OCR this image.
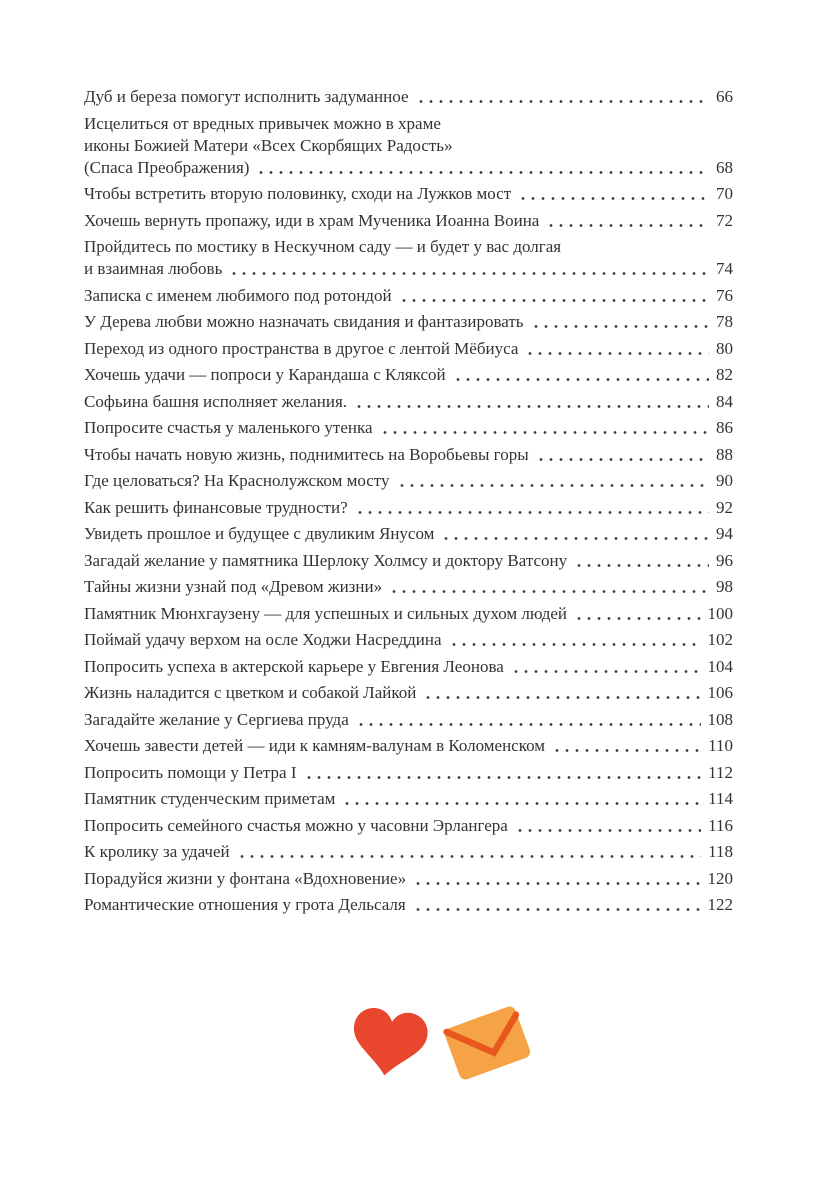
Дуб и береза помогут исполнить задуманное	66
Исцелиться от вредных привычек можно в храме
иконы Божией Матери «Всех Скорбящих Радость»
(Спаса Преображения)	68
Чтобы встретить вторую половинку, сходи на Лужков мост	70
Хочешь вернуть пропажу, иди в храм Мученика Иоанна Воина	72
Пройдитесь по мостику в Нескучном саду — и будет у вас долгая
и взаимная любовь	74
Записка с именем любимого под ротондой	76
У Дерева любви можно назначать свидания и фантазировать	78
Переход из одного пространства в другое с лентой Мёбиуса	80
Хочешь удачи — попроси у Карандаша с Кляксой	82
Софьина башня исполняет желания.	84
Попросите счастья у маленького утенка	86
Чтобы начать новую жизнь, поднимитесь на Воробьевы горы	88
Где целоваться? На Краснолужском мосту	90
Как решить финансовые трудности?	92
Увидеть прошлое и будущее с двуликим Янусом	94
Загадай желание у памятника Шерлоку Холмсу и доктору Ватсону	96
Тайны жизни узнай под «Древом жизни»	98
Памятник Мюнхгаузену — для успешных и сильных духом людей	100
Поймай удачу верхом на осле Ходжи Насреддина	102
Попросить успеха в актерской карьере у Евгения Леонова	104
Жизнь наладится с цветком и собакой Лайкой	106
Загадайте желание у Сергиева пруда	108
Хочешь завести детей — иди к камням-валунам в Коломенском	110
Попросить помощи у Петра I	112
Памятник студенческим приметам	114
Попросить семейного счастья можно у часовни Эрлангера	116
К кролику за удачей	118
Порадуйся жизни у фонтана «Вдохновение»	120
Романтические отношения у грота Дельсаля	122
